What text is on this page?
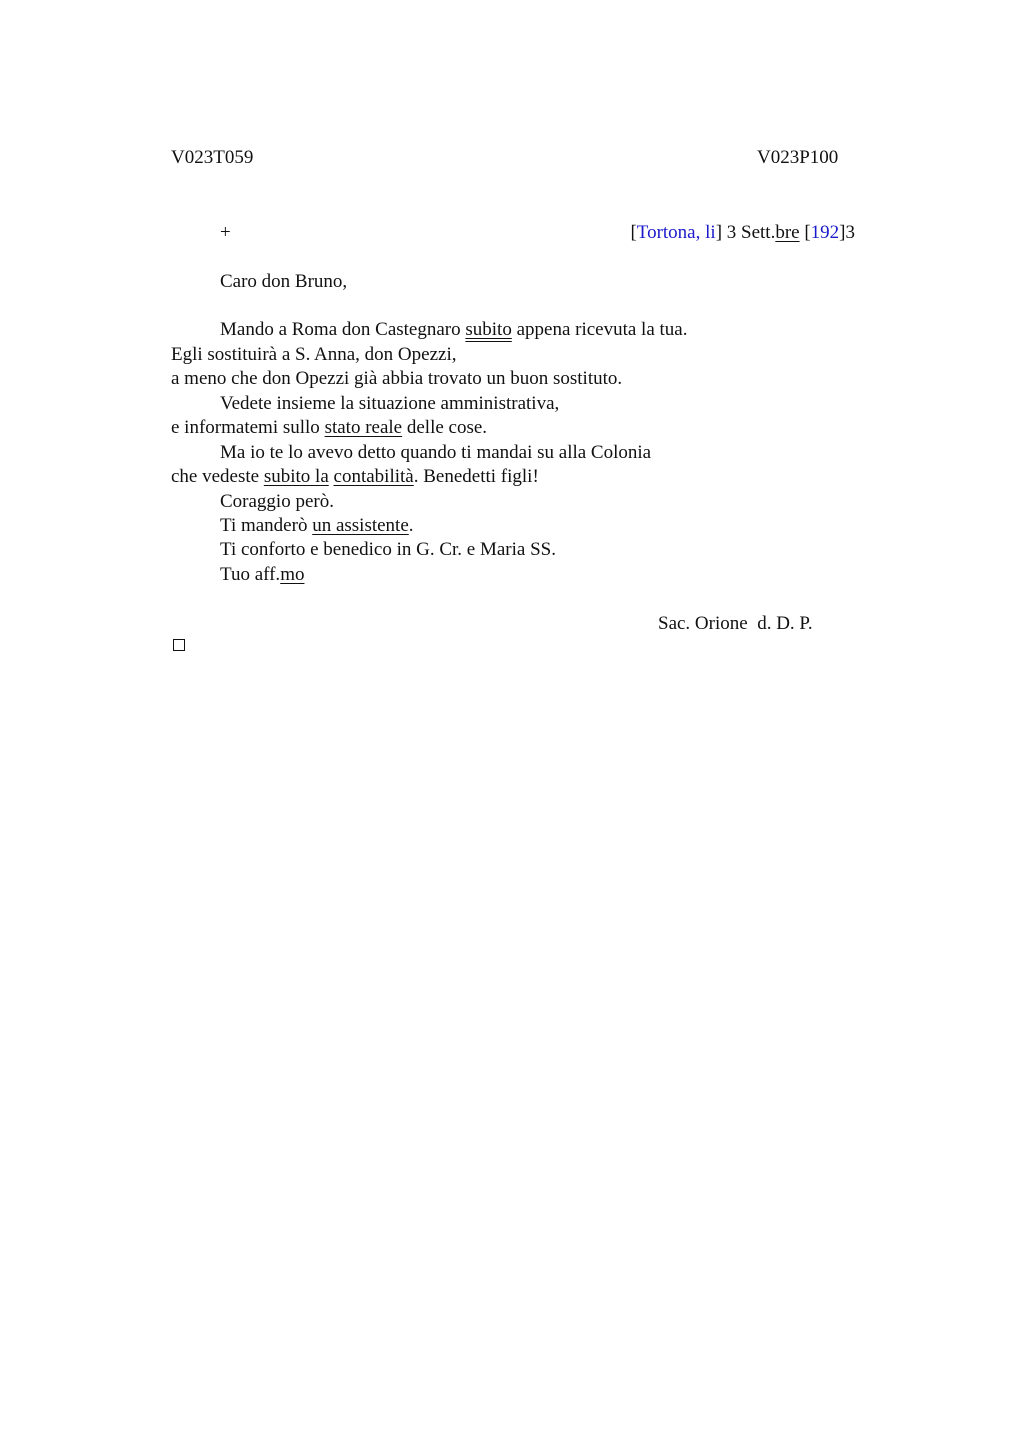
V023T059	V023P100
+	[Tortona, li] 3 Sett.bre [192]3
Caro don Bruno,
Mando a Roma don Castegnaro subito appena ricevuta la tua.
Egli sostituirà a S. Anna, don Opezzi,
a meno che don Opezzi già abbia trovato un buon sostituto.
Vedete insieme la situazione amministrativa,
e informatemi sullo stato reale delle cose.
Ma io te lo avevo detto quando ti mandai su alla Colonia
che vedeste subito la contabilità. Benedetti figli!
Coraggio però.
Ti manderò un assistente.
Ti conforto e benedico in G. Cr. e Maria SS.
Tuo aff.mo
Sac. Orione  d. D. P.
